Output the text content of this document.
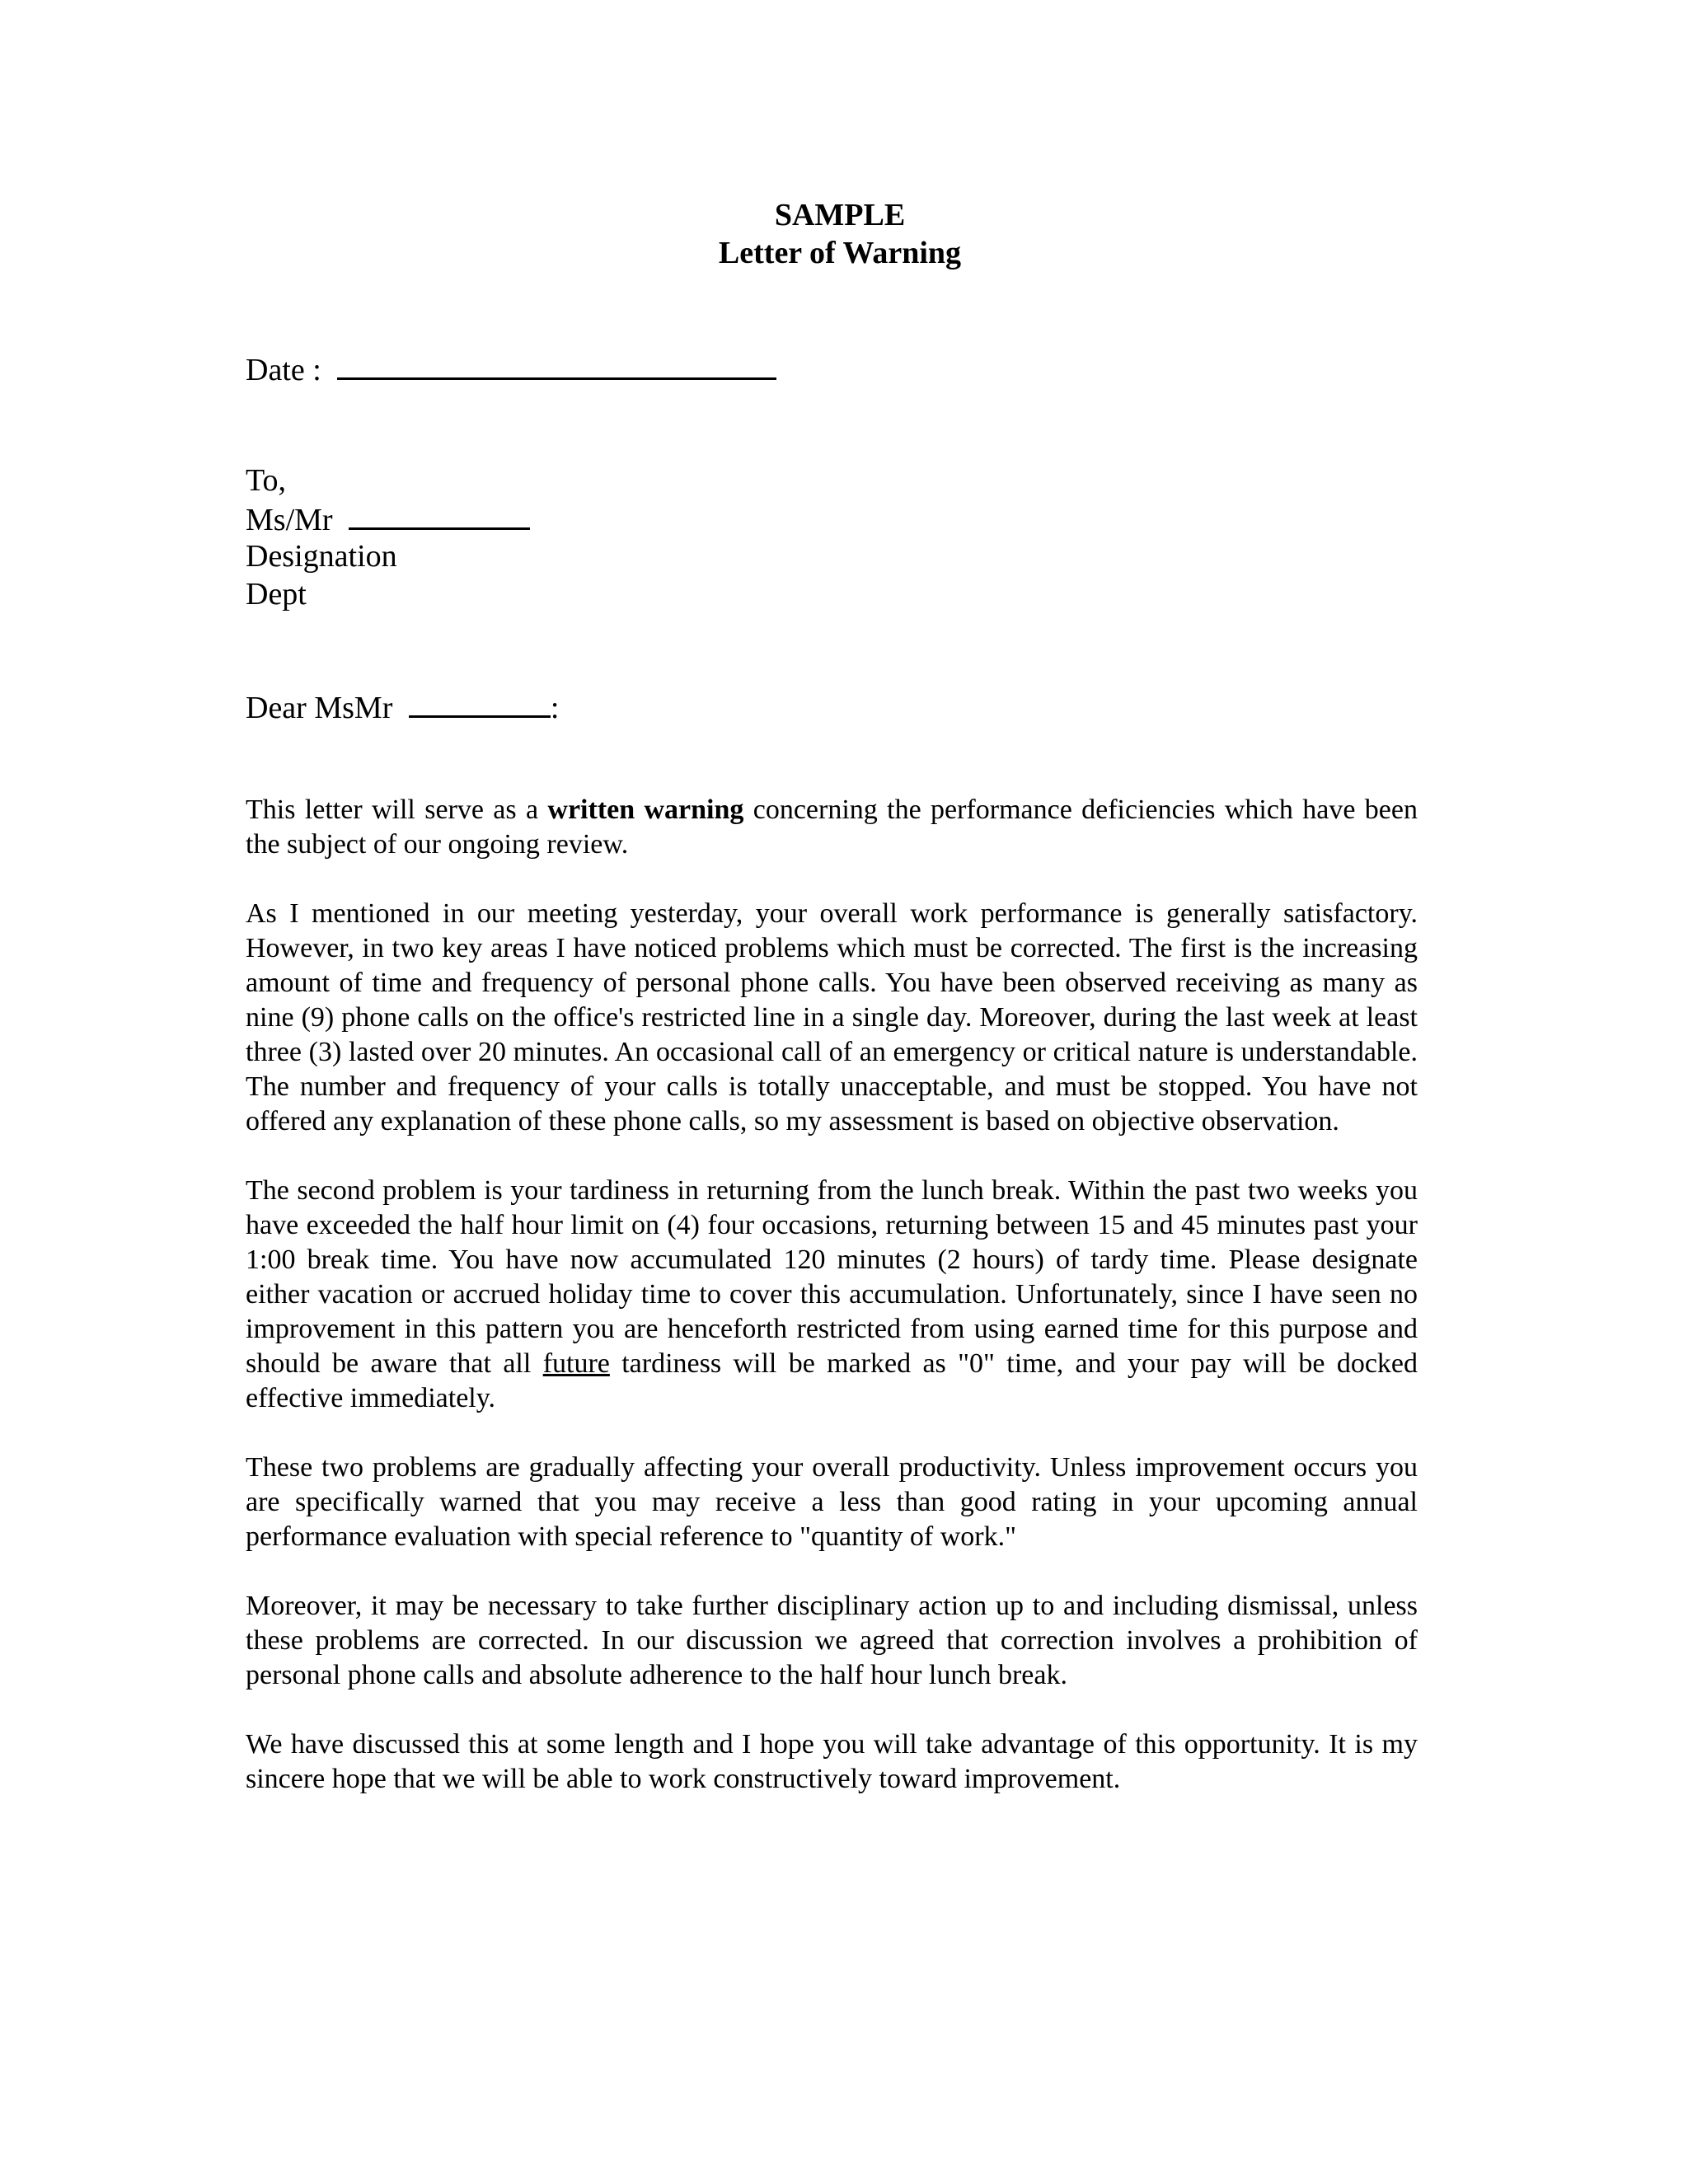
SAMPLE
Letter of Warning
Date :
To,
Ms/Mr
Designation
Dept
Dear MsMr	:

This letter will serve as a written warning concerning the performance deficiencies which have been the subject of our ongoing review.

As I mentioned in our meeting yesterday, your overall work performance is generally satisfactory. However, in two key areas I have noticed problems which must be corrected. The first is the increasing amount of time and frequency of personal phone calls. You have been observed receiving as many as nine (9) phone calls on the office's restricted line in a single day. Moreover, during the last week at least three (3) lasted over 20 minutes. An occasional call of an emergency or critical nature is understandable. The number and frequency of your calls is totally unacceptable, and must be stopped. You have not offered any explanation of these phone calls, so my assessment is based on objective observation.

The second problem is your tardiness in returning from the lunch break. Within the past two weeks you have exceeded the half hour limit on (4) four occasions, returning between 15 and 45 minutes past your 1:00 break time. You have now accumulated 120 minutes (2 hours) of tardy time. Please designate either vacation or accrued holiday time to cover this accumulation. Unfortunately, since I have seen no improvement in this pattern you are henceforth restricted from using earned time for this purpose and should be aware that all future tardiness will be marked as "0" time, and your pay will be docked effective immediately.

These two problems are gradually affecting your overall productivity. Unless improvement occurs you are specifically warned that you may receive a less than good rating in your upcoming annual performance evaluation with special reference to "quantity of work."

Moreover, it may be necessary to take further disciplinary action up to and including dismissal, unless these problems are corrected. In our discussion we agreed that correction involves a prohibition of personal phone calls and absolute adherence to the half hour lunch break.

We have discussed this at some length and I hope you will take advantage of this opportunity. It is my sincere hope that we will be able to work constructively toward improvement.
